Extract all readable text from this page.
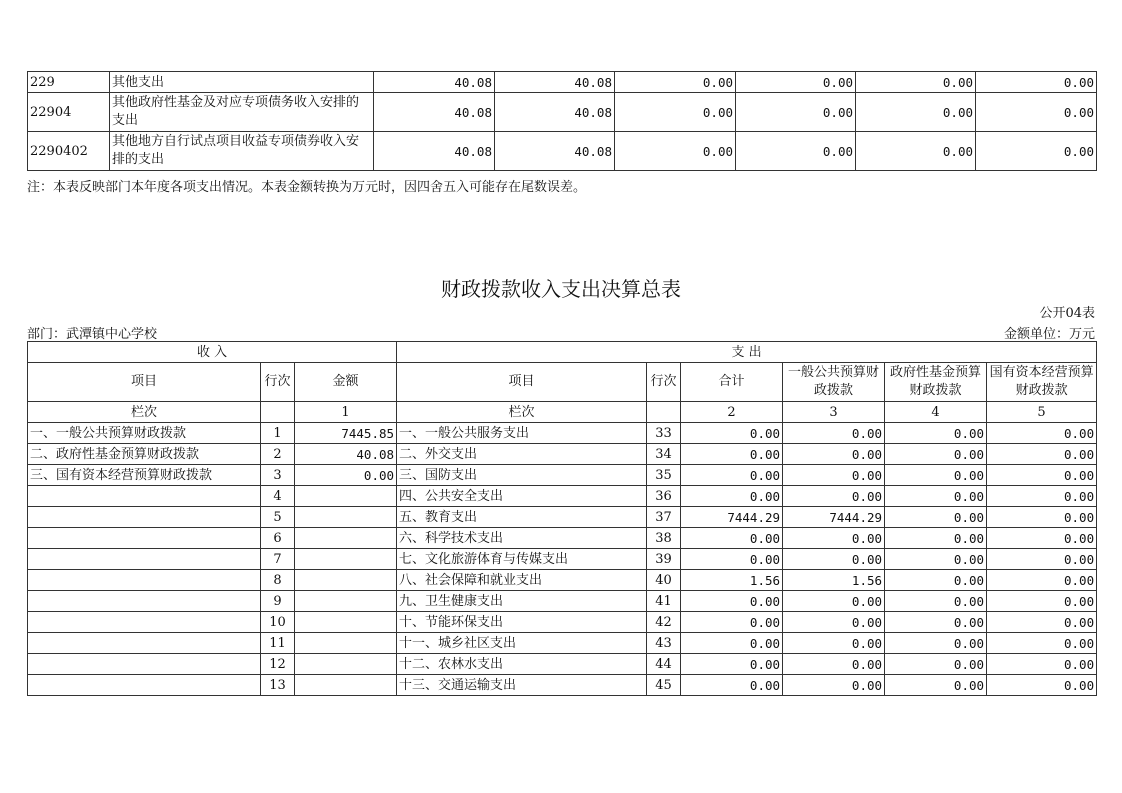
229	其他支出	40.08	40.08	0.00	0.00	0.00	0.00
22904	其他政府性基金及对应专项债务收入安排的支出	40.08	40.08	0.00	0.00	0.00	0.00
2290402	其他地方自行试点项目收益专项债券收入安排的支出	40.08	40.08	0.00	0.00	0.00	0.00
注：本表反映部门本年度各项支出情况。本表金额转换为万元时，因四舍五入可能存在尾数误差。
财政拨款收入支出决算总表
公开04表
部门：武潭镇中心学校	金额单位：万元
收 入			支 出					
项目	行次	金额	项目	行次	合计	一般公共预算财政拨款	政府性基金预算财政拨款	国有资本经营预算财政拨款
栏次		1	栏次		2	3	4	5
一、一般公共预算财政拨款	1	7445.85	一、一般公共服务支出	33	0.00	0.00	0.00	0.00
二、政府性基金预算财政拨款	2	40.08	二、外交支出	34	0.00	0.00	0.00	0.00
三、国有资本经营预算财政拨款	3	0.00	三、国防支出	35	0.00	0.00	0.00	0.00
	4		四、公共安全支出	36	0.00	0.00	0.00	0.00
	5		五、教育支出	37	7444.29	7444.29	0.00	0.00
	6		六、科学技术支出	38	0.00	0.00	0.00	0.00
	7		七、文化旅游体育与传媒支出	39	0.00	0.00	0.00	0.00
	8		八、社会保障和就业支出	40	1.56	1.56	0.00	0.00
	9		九、卫生健康支出	41	0.00	0.00	0.00	0.00
	10		十、节能环保支出	42	0.00	0.00	0.00	0.00
	11		十一、城乡社区支出	43	0.00	0.00	0.00	0.00
	12		十二、农林水支出	44	0.00	0.00	0.00	0.00
	13		十三、交通运输支出	45	0.00	0.00	0.00	0.00
